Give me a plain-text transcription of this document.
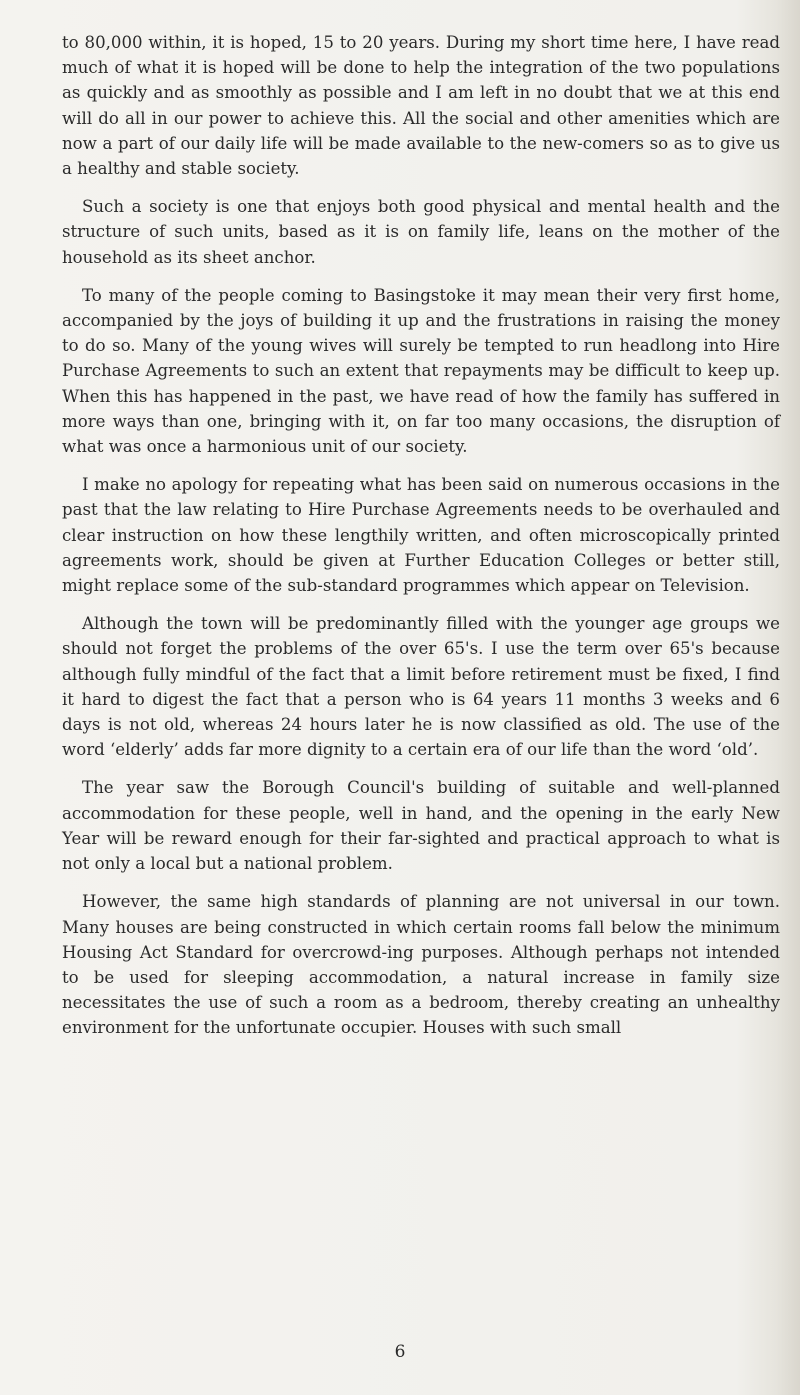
to 80,000 within, it is hoped, 15 to 20 years. During my short time here, I have read much of what it is hoped will be done to help the integration of the two populations as quickly and as smoothly as possible and I am left in no doubt that we at this end will do all in our power to achieve this. All the social and other amenities which are now a part of our daily life will be made available to the new-comers so as to give us a healthy and stable society.

Such a society is one that enjoys both good physical and mental health and the structure of such units, based as it is on family life, leans on the mother of the household as its sheet anchor.

To many of the people coming to Basingstoke it may mean their very first home, accompanied by the joys of building it up and the frustrations in raising the money to do so. Many of the young wives will surely be tempted to run headlong into Hire Purchase Agreements to such an extent that repayments may be difficult to keep up. When this has happened in the past, we have read of how the family has suffered in more ways than one, bringing with it, on far too many occasions, the disruption of what was once a harmonious unit of our society.

I make no apology for repeating what has been said on numerous occasions in the past that the law relating to Hire Purchase Agreements needs to be overhauled and clear instruction on how these lengthily written, and often microscopically printed agreements work, should be given at Further Education Colleges or better still, might replace some of the sub-standard programmes which appear on Television.

Although the town will be predominantly filled with the younger age groups we should not forget the problems of the over 65's. I use the term over 65's because although fully mindful of the fact that a limit before retirement must be fixed, I find it hard to digest the fact that a person who is 64 years 11 months 3 weeks and 6 days is not old, whereas 24 hours later he is now classified as old. The use of the word ‘elderly’ adds far more dignity to a certain era of our life than the word ‘old’.

The year saw the Borough Council's building of suitable and well-planned accommodation for these people, well in hand, and the opening in the early New Year will be reward enough for their far-sighted and practical approach to what is not only a local but a national problem.

However, the same high standards of planning are not universal in our town. Many houses are being constructed in which certain rooms fall below the minimum Housing Act Standard for overcrowd-ing purposes. Although perhaps not intended to be used for sleeping accommodation, a natural increase in family size necessitates the use of such a room as a bedroom, thereby creating an unhealthy environment for the unfortunate occupier. Houses with such small

6
